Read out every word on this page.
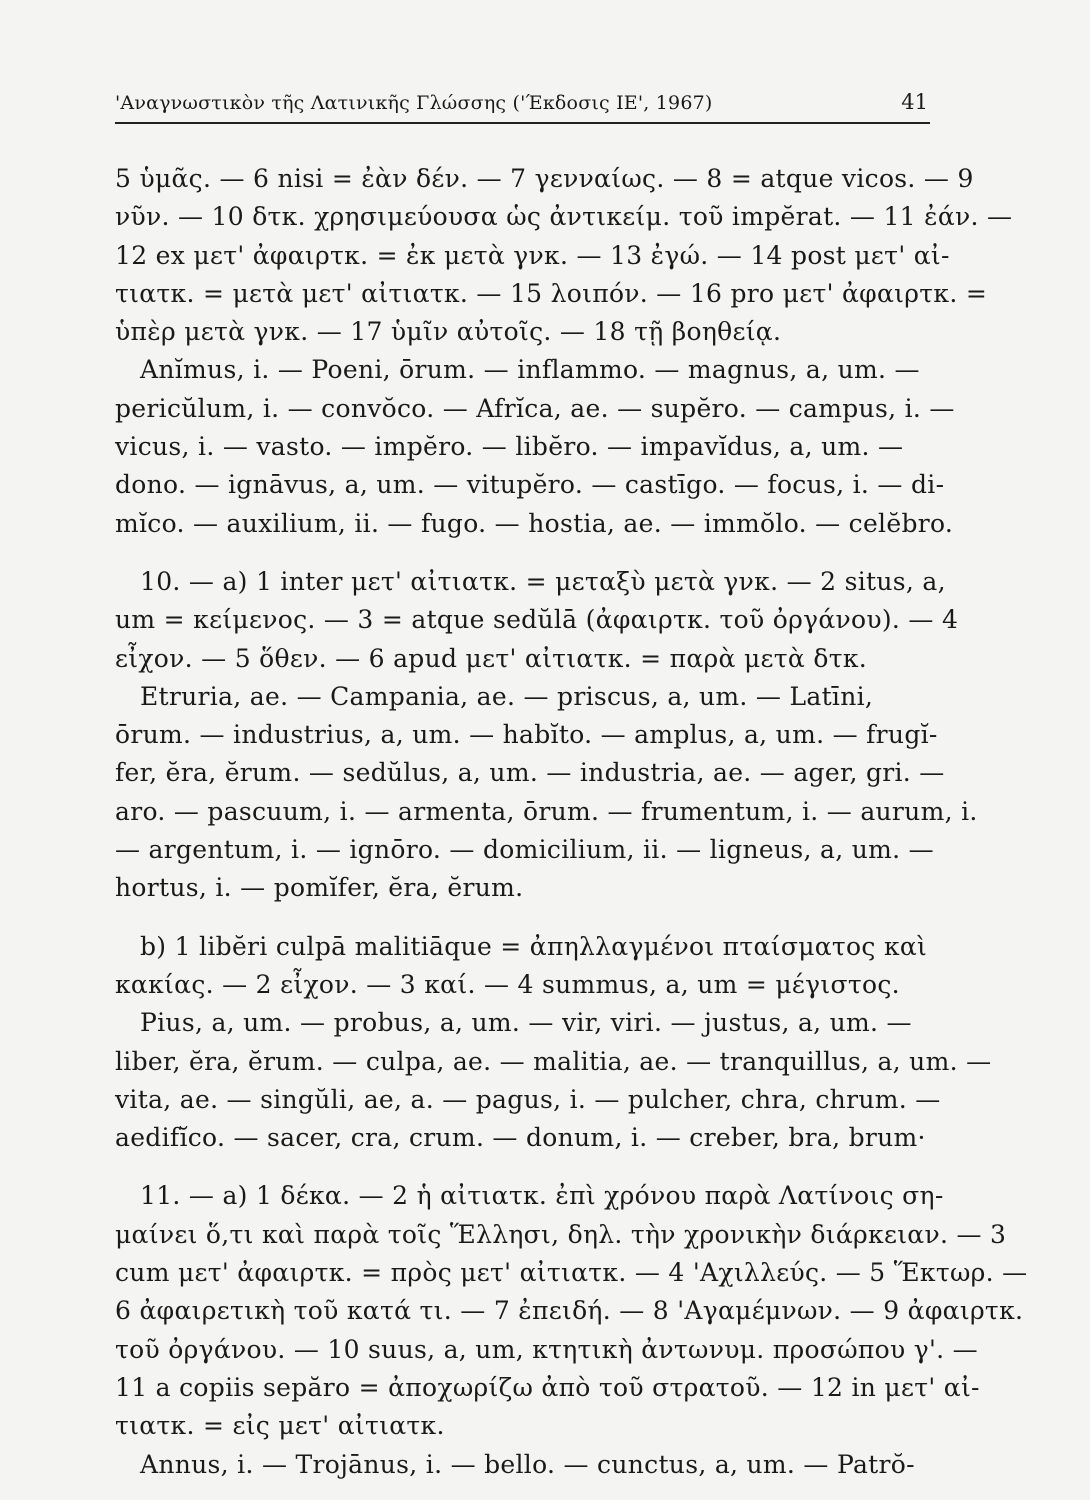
'Αναγνωστικὸν τῆς Λατινικῆς Γλώσσης ('Έκδοσις ΙΕ', 1967)	41
5 ὑμᾶς. — 6 nisi = ἐὰν δέν. — 7 γενναίως. — 8 = atque vicos. — 9
νῦν. — 10 δτκ. χρησιμεύουσα ὡς ἀντικείμ. τοῦ impĕrat. — 11 ἐάν. —
12 ex μετ' ἀφαιρτκ. = ἐκ μετὰ γνκ. — 13 ἐγώ. — 14 post μετ' αἰ-
τιατκ. = μετὰ μετ' αἰτιατκ. — 15 λοιπόν. — 16 pro μετ' ἀφαιρτκ. =
ὑπὲρ μετὰ γνκ. — 17 ὑμῖν αὐτοῖς. — 18 τῇ βοηθείᾳ.
Anĭmus, i. — Poeni, ōrum. — inflammo. — magnus, a, um. —
pericŭlum, i. — convŏco. — Afrĭca, ae. — supĕro. — campus, i. —
vicus, i. — vasto. — impĕro. — libĕro. — impavĭdus, a, um. —
dono. — ignāvus, a, um. — vitupĕro. — castīgo. — focus, i. — di-
mĭco. — auxilium, ii. — fugo. — hostia, ae. — immŏlo. — celĕbro.
10. — a) 1 inter μετ' αἰτιατκ. = μεταξὺ μετὰ γνκ. — 2 situs, a,
um = κείμενος. — 3 = atque sedŭlā (ἀφαιρτκ. τοῦ ὀργάνου). — 4
εἶχον. — 5 ὅθεν. — 6 apud μετ' αἰτιατκ. = παρὰ μετὰ δτκ.
Etruria, ae. — Campania, ae. — priscus, a, um. — Latīni,
ōrum. — industrius, a, um. — habĭto. — amplus, a, um. — frugĭ-
fer, ĕra, ĕrum. — sedŭlus, a, um. — industria, ae. — ager, gri. —
aro. — pascuum, i. — armenta, ōrum. — frumentum, i. — aurum, i.
— argentum, i. — ignōro. — domicilium, ii. — ligneus, a, um. —
hortus, i. — pomĭfer, ĕra, ĕrum.
b) 1 libĕri culpā malitiāque = ἀπηλλαγμένοι πταίσματος καὶ
κακίας. — 2 εἶχον. — 3 καί. — 4 summus, a, um = μέγιστος.
Pius, a, um. — probus, a, um. — vir, viri. — justus, a, um. —
liber, ĕra, ĕrum. — culpa, ae. — malitia, ae. — tranquillus, a, um. —
vita, ae. — singŭli, ae, a. — pagus, i. — pulcher, chra, chrum. —
aedifĭco. — sacer, cra, crum. — donum, i. — creber, bra, brum·
11. — a) 1 δέκα. — 2 ἡ αἰτιατκ. ἐπὶ χρόνου παρὰ Λατίνοις ση-
μαίνει ὅ,τι καὶ παρὰ τοῖς Ἕλλησι, δηλ. τὴν χρονικὴν διάρκειαν. — 3
cum μετ' ἀφαιρτκ. = πρὸς μετ' αἰτιατκ. — 4 'Αχιλλεύς. — 5 Ἕκτωρ. —
6 ἀφαιρετικὴ τοῦ κατά τι. — 7 ἐπειδή. — 8 'Αγαμέμνων. — 9 ἀφαιρτκ.
τοῦ ὀργάνου. — 10 suus, a, um, κτητικὴ ἀντωνυμ. προσώπου γ'. —
11 a copiis sepăro = ἀποχωρίζω ἀπὸ τοῦ στρατοῦ. — 12 in μετ' αἰ-
τιατκ. = εἰς μετ' αἰτιατκ.
Annus, i. — Trojānus, i. — bello. — cunctus, a, um. — Patrŏ-
